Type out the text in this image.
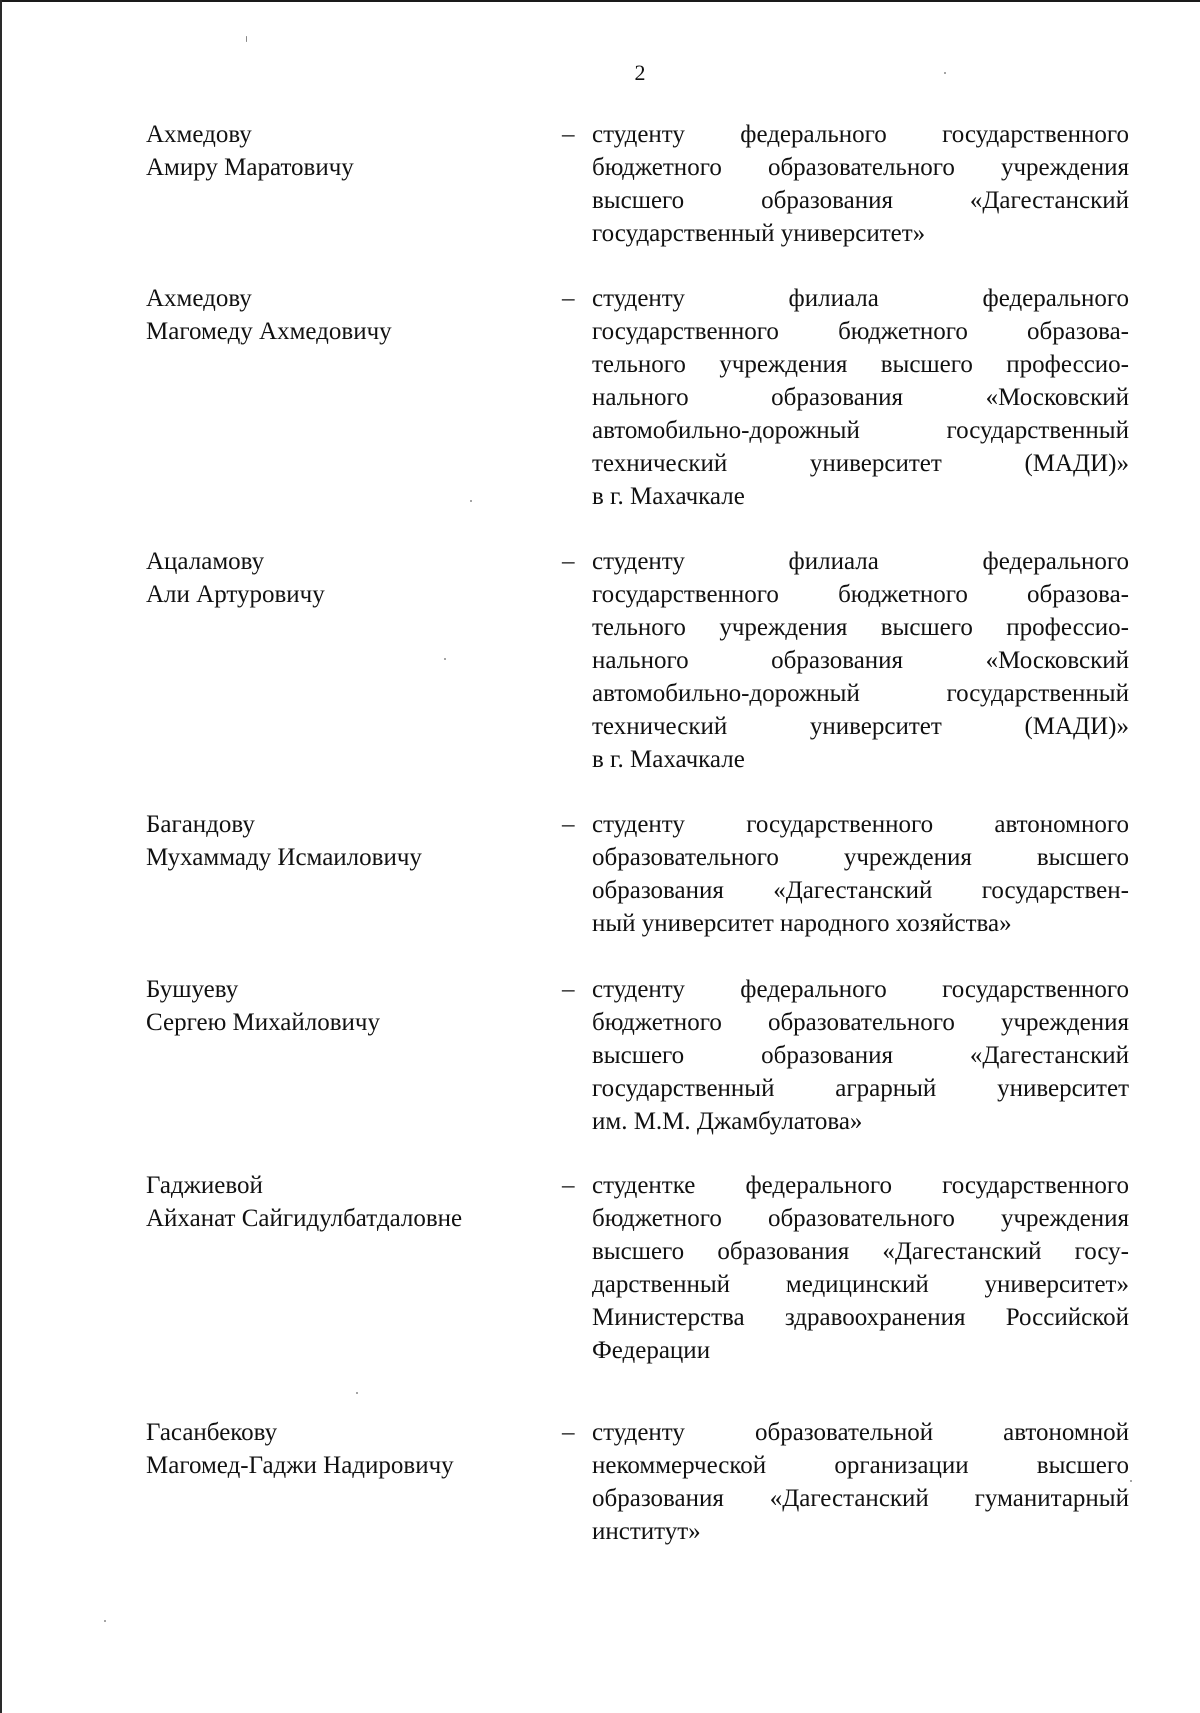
2
Ахмедову
Амиру Маратовичу
– студенту федерального государственного
бюджетного образовательного учреждения
высшего	образования	«Дагестанский
государственный университет»
Ахмедову
Магомеду Ахмедовичу
– студенту	филиала	федерального
государственного бюджетного образова-
тельного учреждения высшего профессио-
нального	образования	«Московский
автомобильно-дорожный	государственный
технический	университет	(МАДИ)»
в г. Махачкале
Ацаламову
Али Артуровичу
– студенту	филиала	федерального
государственного бюджетного образова-
тельного учреждения высшего профессио-
нального	образования	«Московский
автомобильно-дорожный	государственный
технический	университет	(МАДИ)»
в г. Махачкале
Багандову
Мухаммаду Исмаиловичу
– студенту государственного автономного
образовательного	учреждения	высшего
образования «Дагестанский государствен-
ный университет народного хозяйства»
Бушуеву
Сергею Михайловичу
– студенту федерального государственного
бюджетного образовательного учреждения
высшего	образования	«Дагестанский
государственный аграрный университет
им. М.М. Джамбулатова»
Гаджиевой
Айханат Сайгидулбатдаловне
– студентке федерального государственного
бюджетного образовательного учреждения
высшего образования «Дагестанский госу-
дарственный медицинский университет»
Министерства здравоохранения Российской
Федерации
Гасанбекову
Магомед-Гаджи Надировичу
– студенту	образовательной	автономной
некоммерческой	организации	высшего
образования «Дагестанский гуманитарный
институт»
